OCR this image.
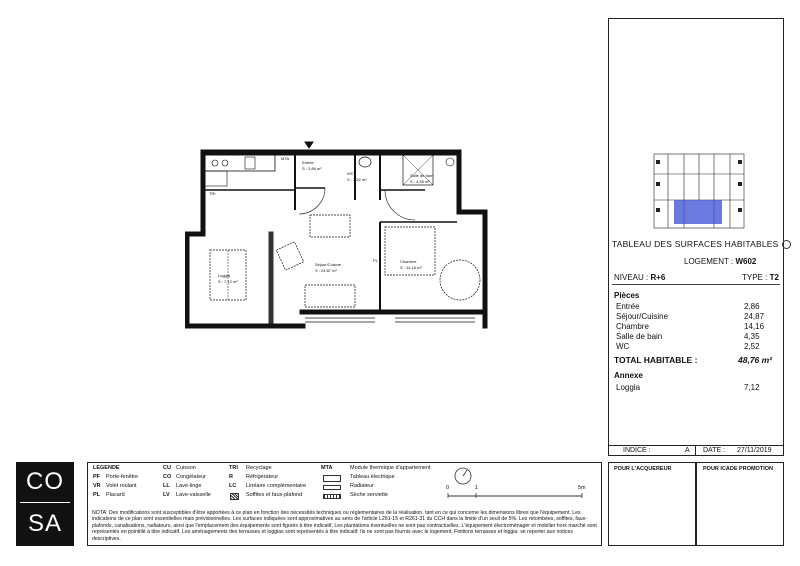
Entrée
S : 2,86 m²
WC
S : 2,52 m²
Salle de bain
S : 4,35 m²
Séjour/Cuisine
S : 24,87 m²
Chambre
S : 14,16 m²
Loggia
S : 7,12 m²
TRI
MTA
PL
TABLEAU DES SURFACES HABITABLES
LOGEMENT : W602
NIVEAU : R+6	TYPE : T2
Pièces
Entrée	2,86
Séjour/Cuisine	24,87
Chambre	14,16
Salle de bain	4,35
WC	2,52
TOTAL HABITABLE :	48,76 m²
Annexe
Loggia	7,12
INDICE :	A DATE : 27/11/2019
POUR L'ACQUEREUR	POUR ICADE PROMOTION
CO
SA
LEGENDE
PF Porte-fenêtre
VR Volet roulant
PL Placard
CU Cuisson
CO Congélateur
LL Lave-linge
LV Lave-vaisselle
TRI Recyclage
R Réfrigérateur
LC Linéaire complémentaire
Soffites et faux-plafond
MTA	Module thermique d'appartement
Tableau électrique
Radiateur
Sèche serviette
0	1	5m
NOTA: Des modifications sont susceptibles d'être apportées à ce plan en fonction des nécessités techniques ou réglementaires de la réalisation, tant en ce qui concerne les dimensions libres que l'équipement. Les indications de ce plan sont essentielles mais prévisionnelles. Les surfaces indiquées sont approximatives au sens de l'article L261-15 et R261-31 du CCH dans la limite d'un seuil de 5%. Les retombées, soffites, faux-plafonds, canalisations, radiateurs, ainsi que l'emplacement des équipements sont figurés à titre indicatif. Les plantations éventuelles ne sont pas contractuelles. L'équipement électroménager et mobilier hors marché sont représentés en pointillé à titre indicatif. Les aménagements des terrasses et loggias sont représentés à titre indicatif. Ils ne sont pas fournis avec le logement. Finitions terrasses et loggia: se reporter aux notices descriptives.
